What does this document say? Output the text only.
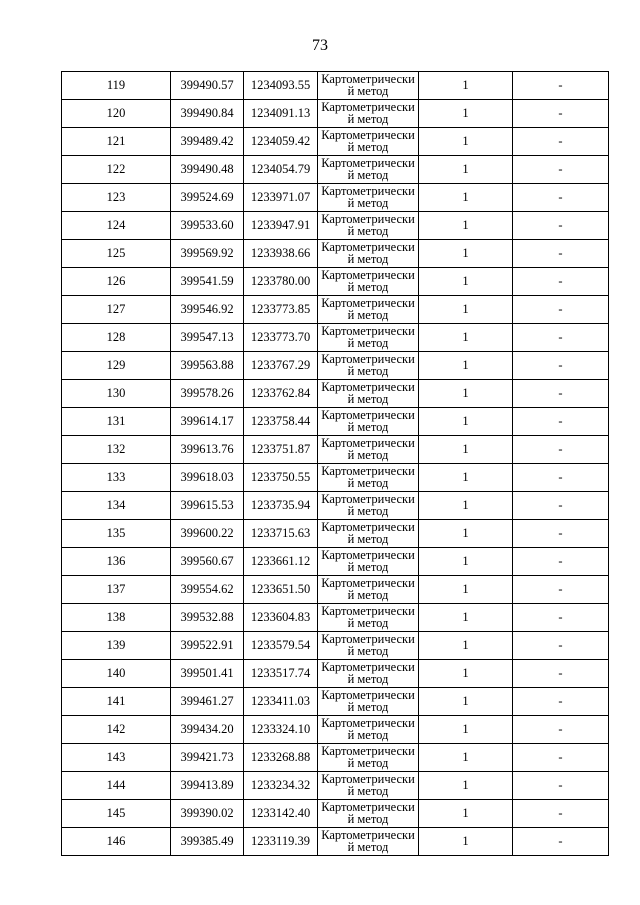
73
119	399490.57	1234093.55	Картометрический метод	1	-
120	399490.84	1234091.13	Картометрический метод	1	-
121	399489.42	1234059.42	Картометрический метод	1	-
122	399490.48	1234054.79	Картометрический метод	1	-
123	399524.69	1233971.07	Картометрический метод	1	-
124	399533.60	1233947.91	Картометрический метод	1	-
125	399569.92	1233938.66	Картометрический метод	1	-
126	399541.59	1233780.00	Картометрический метод	1	-
127	399546.92	1233773.85	Картометрический метод	1	-
128	399547.13	1233773.70	Картометрический метод	1	-
129	399563.88	1233767.29	Картометрический метод	1	-
130	399578.26	1233762.84	Картометрический метод	1	-
131	399614.17	1233758.44	Картометрический метод	1	-
132	399613.76	1233751.87	Картометрический метод	1	-
133	399618.03	1233750.55	Картометрический метод	1	-
134	399615.53	1233735.94	Картометрический метод	1	-
135	399600.22	1233715.63	Картометрический метод	1	-
136	399560.67	1233661.12	Картометрический метод	1	-
137	399554.62	1233651.50	Картометрический метод	1	-
138	399532.88	1233604.83	Картометрический метод	1	-
139	399522.91	1233579.54	Картометрический метод	1	-
140	399501.41	1233517.74	Картометрический метод	1	-
141	399461.27	1233411.03	Картометрический метод	1	-
142	399434.20	1233324.10	Картометрический метод	1	-
143	399421.73	1233268.88	Картометрический метод	1	-
144	399413.89	1233234.32	Картометрический метод	1	-
145	399390.02	1233142.40	Картометрический метод	1	-
146	399385.49	1233119.39	Картометрический метод	1	-
